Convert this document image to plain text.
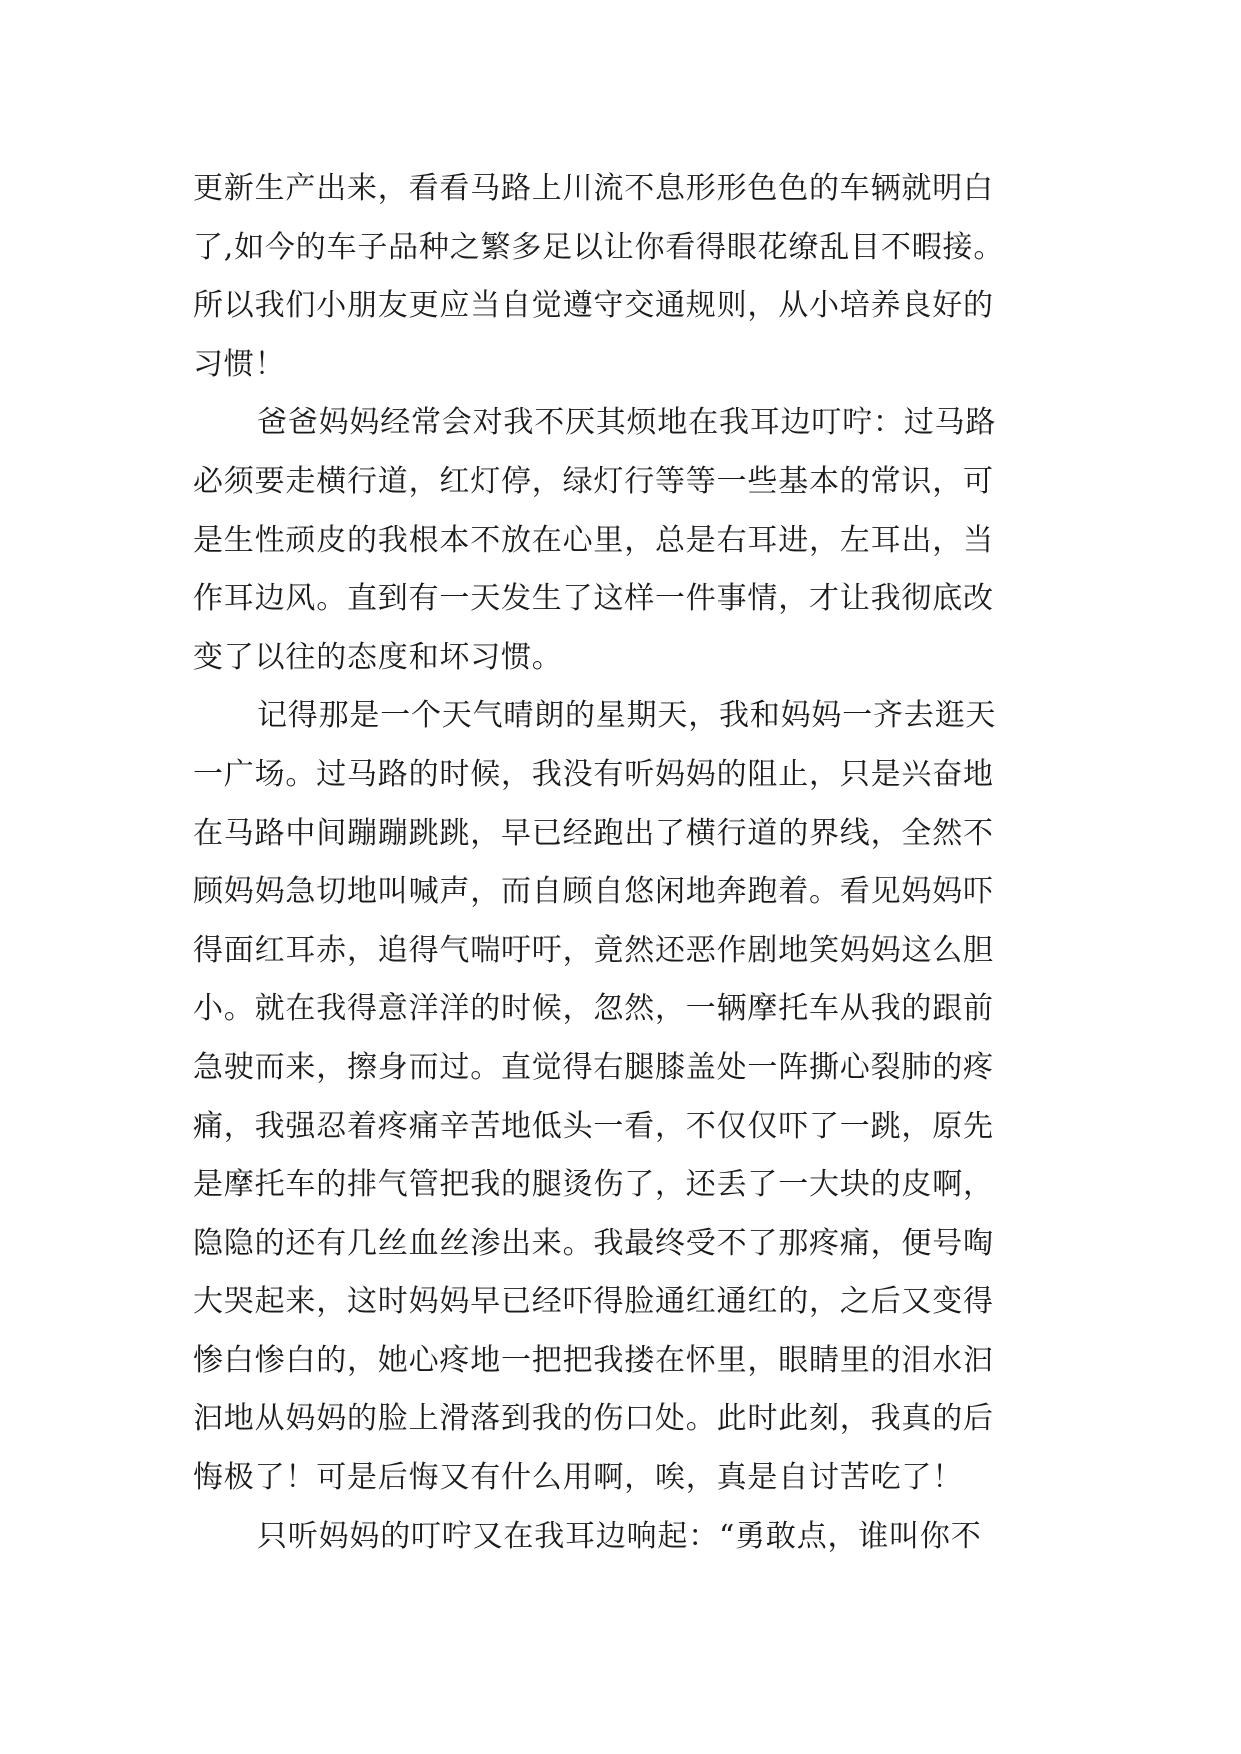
更新生产出来，看看马路上川流不息形形色色的车辆就明白
了,如今的车子品种之繁多足以让你看得眼花缭乱目不暇接。
所以我们小朋友更应当自觉遵守交通规则，从小培养良好的
习惯！
爸爸妈妈经常会对我不厌其烦地在我耳边叮咛：过马路
必须要走横行道，红灯停，绿灯行等等一些基本的常识，可
是生性顽皮的我根本不放在心里，总是右耳进，左耳出，当
作耳边风。直到有一天发生了这样一件事情，才让我彻底改
变了以往的态度和坏习惯。
记得那是一个天气晴朗的星期天，我和妈妈一齐去逛天
一广场。过马路的时候，我没有听妈妈的阻止，只是兴奋地
在马路中间蹦蹦跳跳，早已经跑出了横行道的界线，全然不
顾妈妈急切地叫喊声，而自顾自悠闲地奔跑着。看见妈妈吓
得面红耳赤，追得气喘吁吁，竟然还恶作剧地笑妈妈这么胆
小。就在我得意洋洋的时候，忽然，一辆摩托车从我的跟前
急驶而来，擦身而过。直觉得右腿膝盖处一阵撕心裂肺的疼
痛，我强忍着疼痛辛苦地低头一看，不仅仅吓了一跳，原先
是摩托车的排气管把我的腿烫伤了，还丢了一大块的皮啊，
隐隐的还有几丝血丝渗出来。我最终受不了那疼痛，便号啕
大哭起来，这时妈妈早已经吓得脸通红通红的，之后又变得
惨白惨白的，她心疼地一把把我搂在怀里，眼睛里的泪水汩
汩地从妈妈的脸上滑落到我的伤口处。此时此刻，我真的后
悔极了！可是后悔又有什么用啊，唉，真是自讨苦吃了！
只听妈妈的叮咛又在我耳边响起：“勇敢点，谁叫你不
